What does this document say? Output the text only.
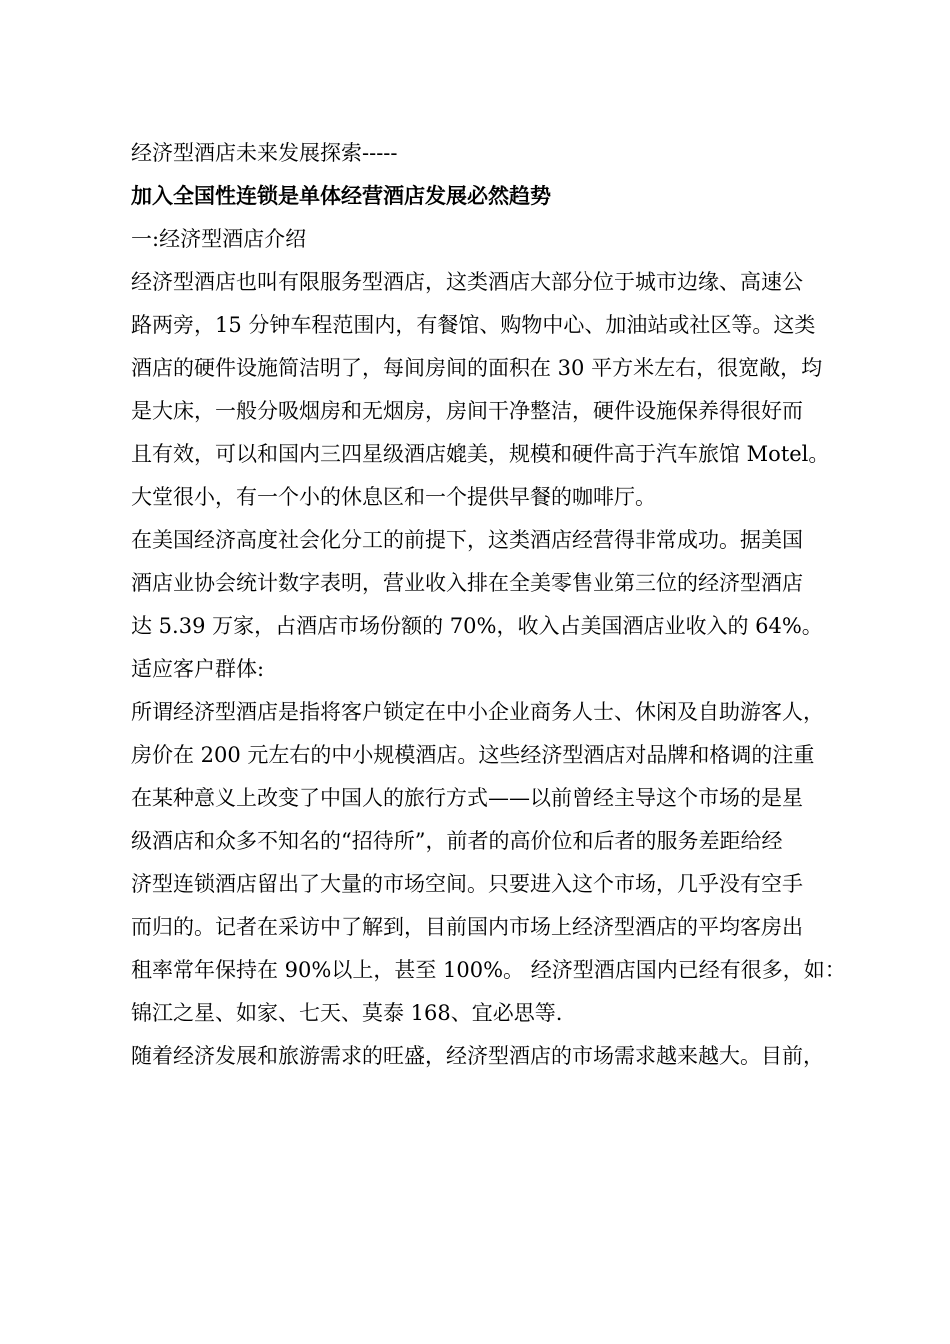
经济型酒店未来发展探索-----

加入全国性连锁是单体经营酒店发展必然趋势

一:经济型酒店介绍

经济型酒店也叫有限服务型酒店，这类酒店大部分位于城市边缘、高速公
路两旁，15 分钟车程范围内，有餐馆、购物中心、加油站或社区等。这类
酒店的硬件设施简洁明了，每间房间的面积在 30 平方米左右，很宽敞，均
是大床，一般分吸烟房和无烟房，房间干净整洁，硬件设施保养得很好而
且有效，可以和国内三四星级酒店媲美，规模和硬件高于汽车旅馆 Motel。
大堂很小，有一个小的休息区和一个提供早餐的咖啡厅。

在美国经济高度社会化分工的前提下，这类酒店经营得非常成功。据美国
酒店业协会统计数字表明，营业收入排在全美零售业第三位的经济型酒店
达 5.39 万家，占酒店市场份额的 70%，收入占美国酒店业收入的 64%。

适应客户群体:

所谓经济型酒店是指将客户锁定在中小企业商务人士、休闲及自助游客人，
房价在 200 元左右的中小规模酒店。这些经济型酒店对品牌和格调的注重
在某种意义上改变了中国人的旅行方式——以前曾经主导这个市场的是星
级酒店和众多不知名的“招待所”，前者的高价位和后者的服务差距给经
济型连锁酒店留出了大量的市场空间。只要进入这个市场，几乎没有空手
而归的。记者在采访中了解到，目前国内市场上经济型酒店的平均客房出
租率常年保持在 90%以上，甚至 100%。 经济型酒店国内已经有很多，如：
锦江之星、如家、七天、莫泰 168、宜必思等.

随着经济发展和旅游需求的旺盛，经济型酒店的市场需求越来越大。目前，
